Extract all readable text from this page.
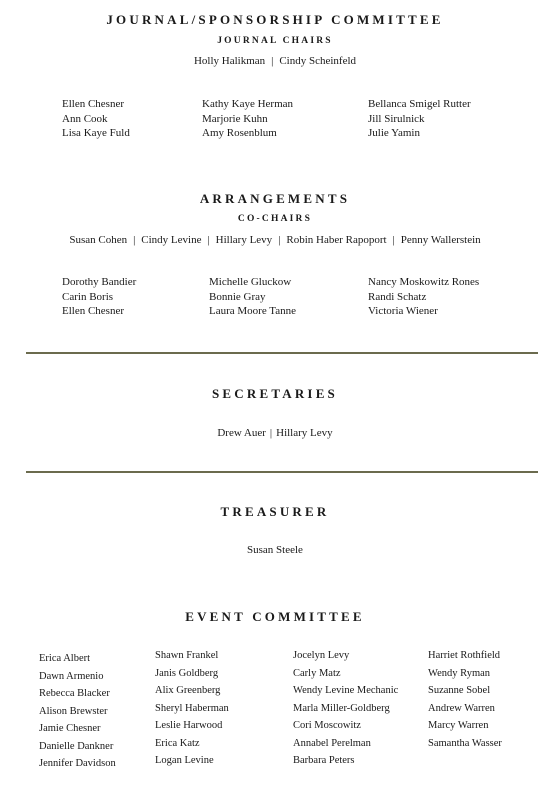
JOURNAL/SPONSORSHIP COMMITTEE
JOURNAL CHAIRS
Holly Halikman | Cindy Scheinfeld
Ellen Chesner
Ann Cook
Lisa Kaye Fuld
Kathy Kaye Herman
Marjorie Kuhn
Amy Rosenblum
Bellanca Smigel Rutter
Jill Sirulnick
Julie Yamin
ARRANGEMENTS
CO-CHAIRS
Susan Cohen | Cindy Levine | Hillary Levy | Robin Haber Rapoport | Penny Wallerstein
Dorothy Bandier
Carin Boris
Ellen Chesner
Michelle Gluckow
Bonnie Gray
Laura Moore Tanne
Nancy Moskowitz Rones
Randi Schatz
Victoria Wiener
SECRETARIES
Drew Auer | Hillary Levy
TREASURER
Susan Steele
EVENT COMMITTEE
Erica Albert
Dawn Armenio
Rebecca Blacker
Alison Brewster
Jamie Chesner
Danielle Dankner
Jennifer Davidson
Shawn Frankel
Janis Goldberg
Alix Greenberg
Sheryl Haberman
Leslie Harwood
Erica Katz
Logan Levine
Jocelyn Levy
Carly Matz
Wendy Levine Mechanic
Marla Miller-Goldberg
Cori Moscowitz
Annabel Perelman
Barbara Peters
Harriet Rothfield
Wendy Ryman
Suzanne Sobel
Andrew Warren
Marcy Warren
Samantha Wasser
